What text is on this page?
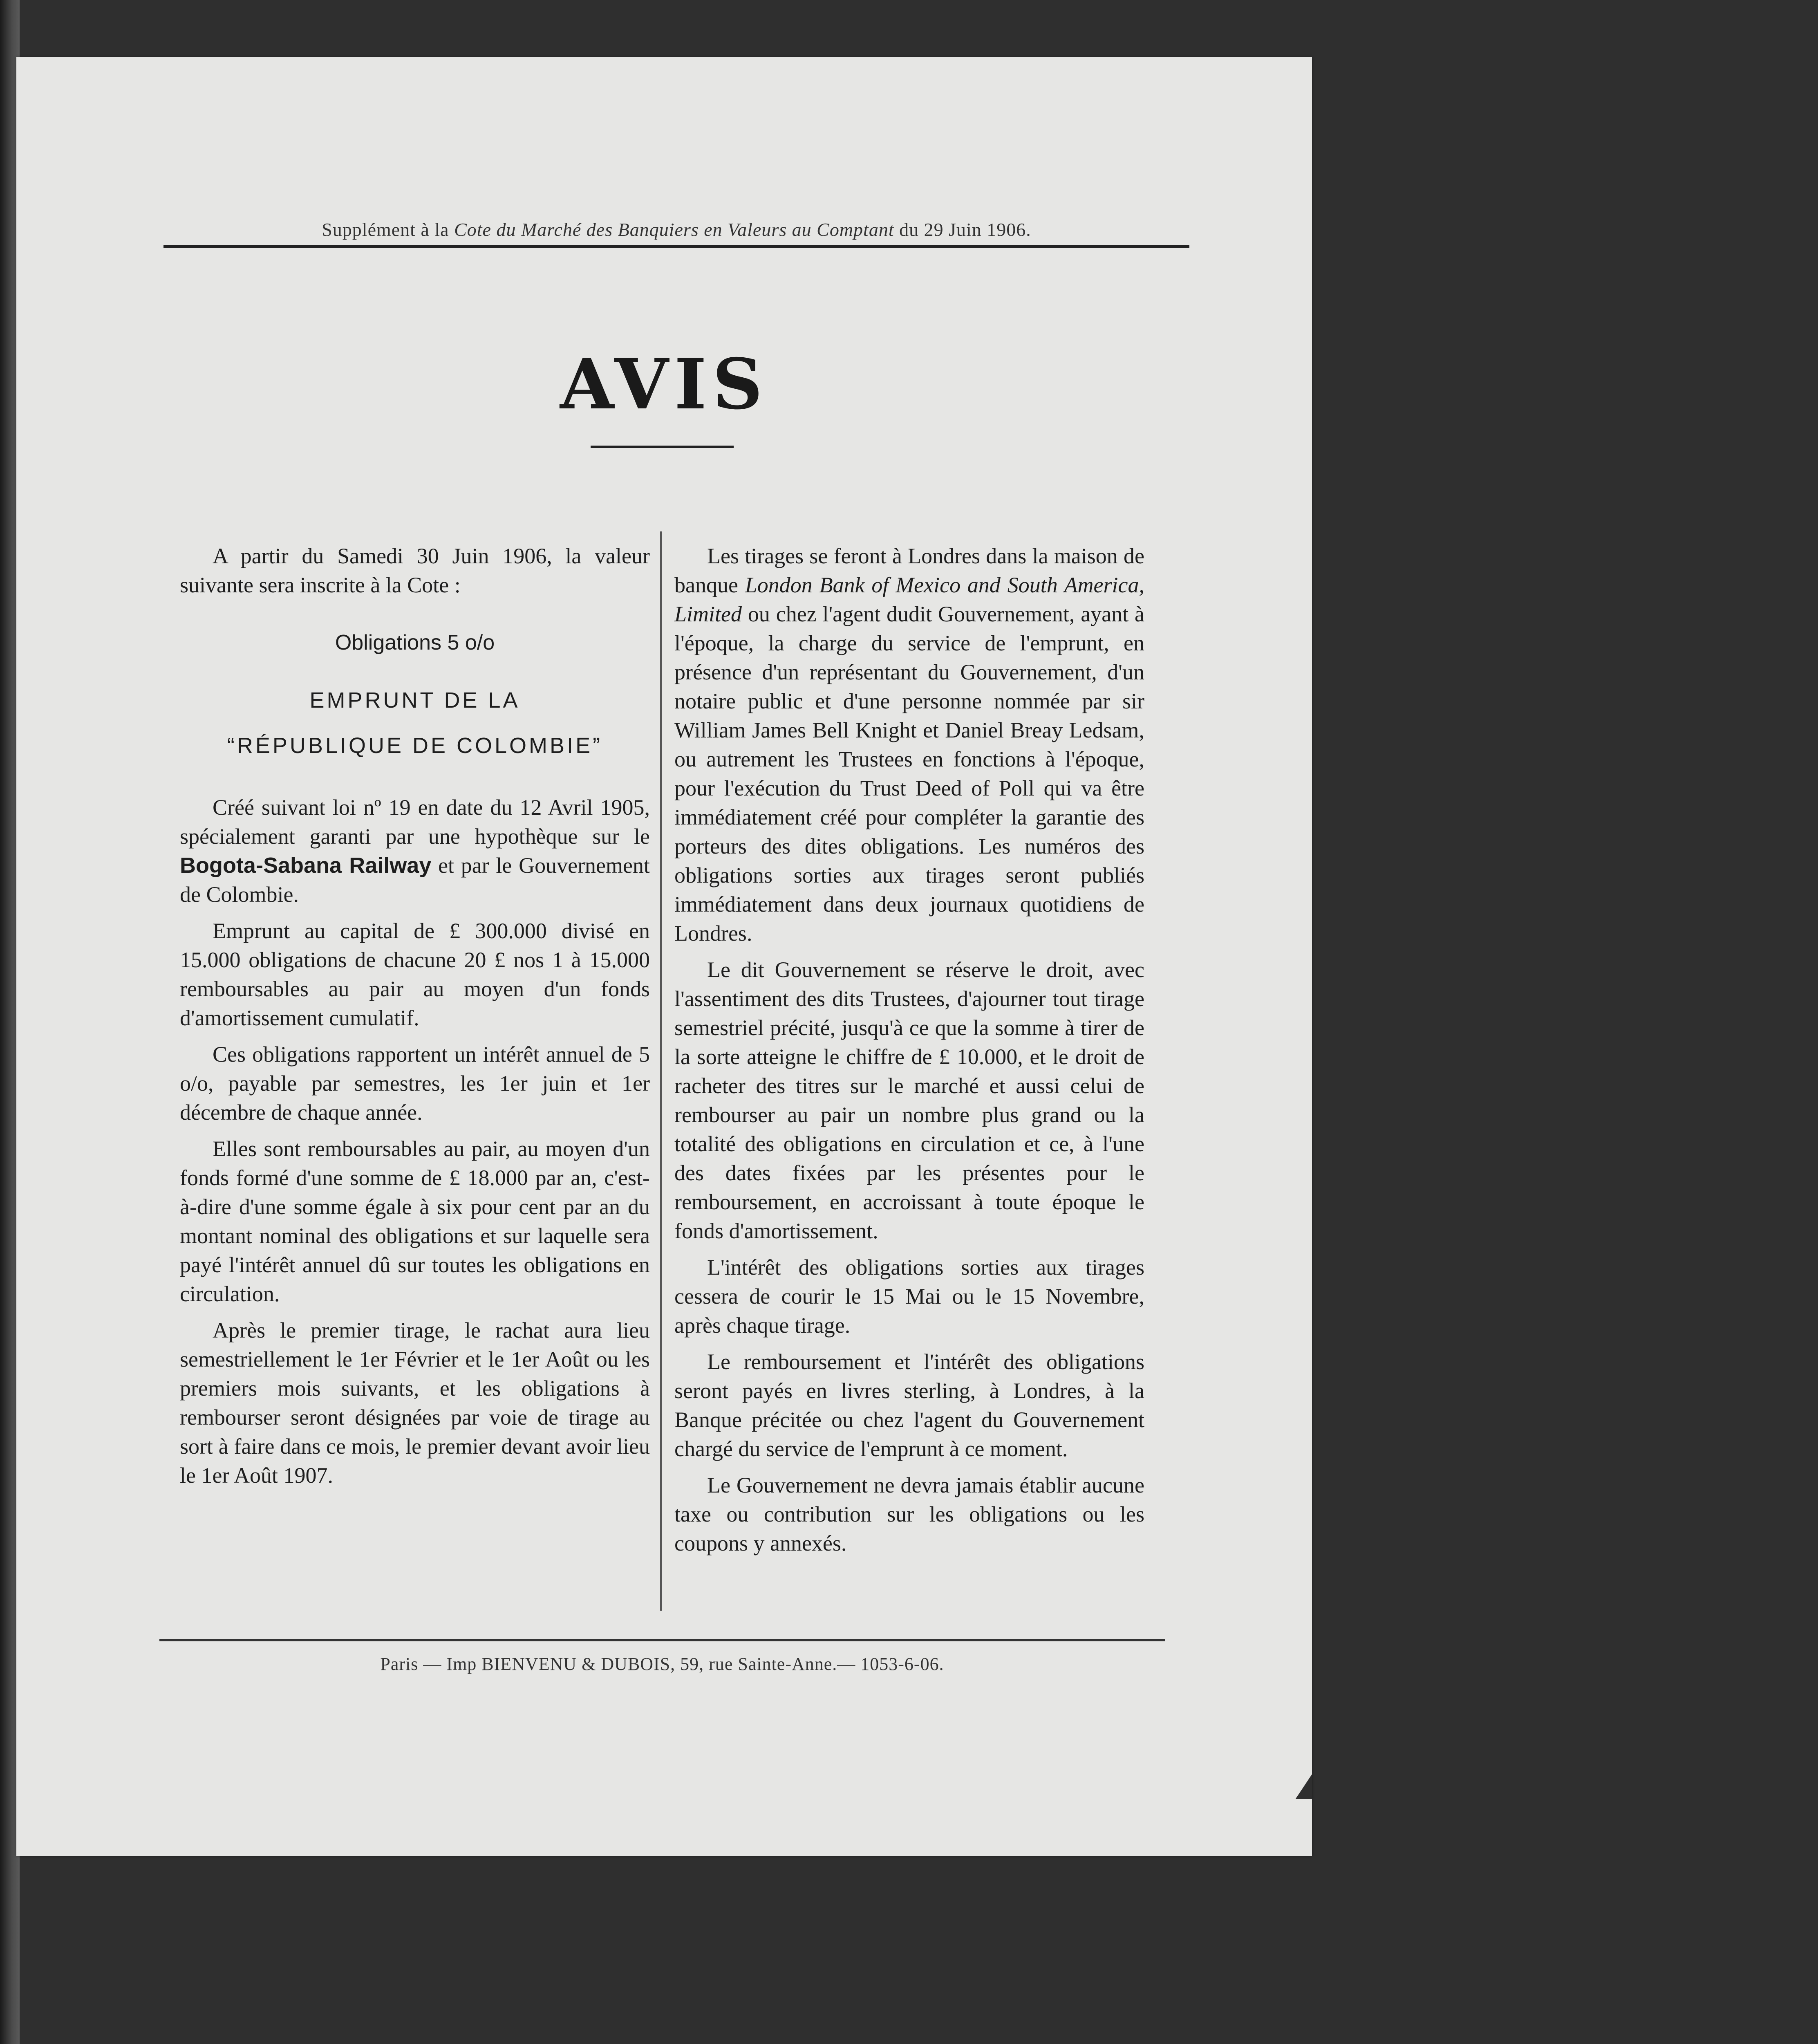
Supplément à la Cote du Marché des Banquiers en Valeurs au Comptant du 29 Juin 1906.
AVIS

A partir du Samedi 30 Juin 1906, la valeur suivante sera inscrite à la Cote :

Obligations 5 o/o

EMPRUNT DE LA

“RÉPUBLIQUE DE COLOMBIE”

Créé suivant loi nº 19 en date du 12 Avril 1905, spécialement garanti par une hypothèque sur le Bogota-Sabana Railway et par le Gouvernement de Colombie.

Emprunt au capital de £ 300.000 divisé en 15.000 obligations de chacune 20 £ nos 1 à 15.000 remboursables au pair au moyen d'un fonds d'amortissement cumulatif.

Ces obligations rapportent un intérêt annuel de 5 o/o, payable par semestres, les 1er juin et 1er décembre de chaque année.

Elles sont remboursables au pair, au moyen d'un fonds formé d'une somme de £ 18.000 par an, c'est-à-dire d'une somme égale à six pour cent par an du montant nominal des obligations et sur laquelle sera payé l'intérêt annuel dû sur toutes les obligations en circulation.

Après le premier tirage, le rachat aura lieu semestriellement le 1er Février et le 1er Août ou les premiers mois suivants, et les obligations à rembourser seront désignées par voie de tirage au sort à faire dans ce mois, le premier devant avoir lieu le 1er Août 1907.

Les tirages se feront à Londres dans la maison de banque London Bank of Mexico and South America, Limited ou chez l'agent dudit Gouvernement, ayant à l'époque, la charge du service de l'emprunt, en présence d'un représentant du Gouvernement, d'un notaire public et d'une personne nommée par sir William James Bell Knight et Daniel Breay Ledsam, ou autrement les Trustees en fonctions à l'époque, pour l'exécution du Trust Deed of Poll qui va être immédiatement créé pour compléter la garantie des porteurs des dites obligations. Les numéros des obligations sorties aux tirages seront publiés immédiatement dans deux journaux quotidiens de Londres.

Le dit Gouvernement se réserve le droit, avec l'assentiment des dits Trustees, d'ajourner tout tirage semestriel précité, jusqu'à ce que la somme à tirer de la sorte atteigne le chiffre de £ 10.000, et le droit de racheter des titres sur le marché et aussi celui de rembourser au pair un nombre plus grand ou la totalité des obligations en circulation et ce, à l'une des dates fixées par les présentes pour le remboursement, en accroissant à toute époque le fonds d'amortissement.

L'intérêt des obligations sorties aux tirages cessera de courir le 15 Mai ou le 15 Novembre, après chaque tirage.

Le remboursement et l'intérêt des obligations seront payés en livres sterling, à Londres, à la Banque précitée ou chez l'agent du Gouvernement chargé du service de l'emprunt à ce moment.

Le Gouvernement ne devra jamais établir aucune taxe ou contribution sur les obligations ou les coupons y annexés.

Paris — Imp BIENVENU & DUBOIS, 59, rue Sainte-Anne.— 1053-6-06.
